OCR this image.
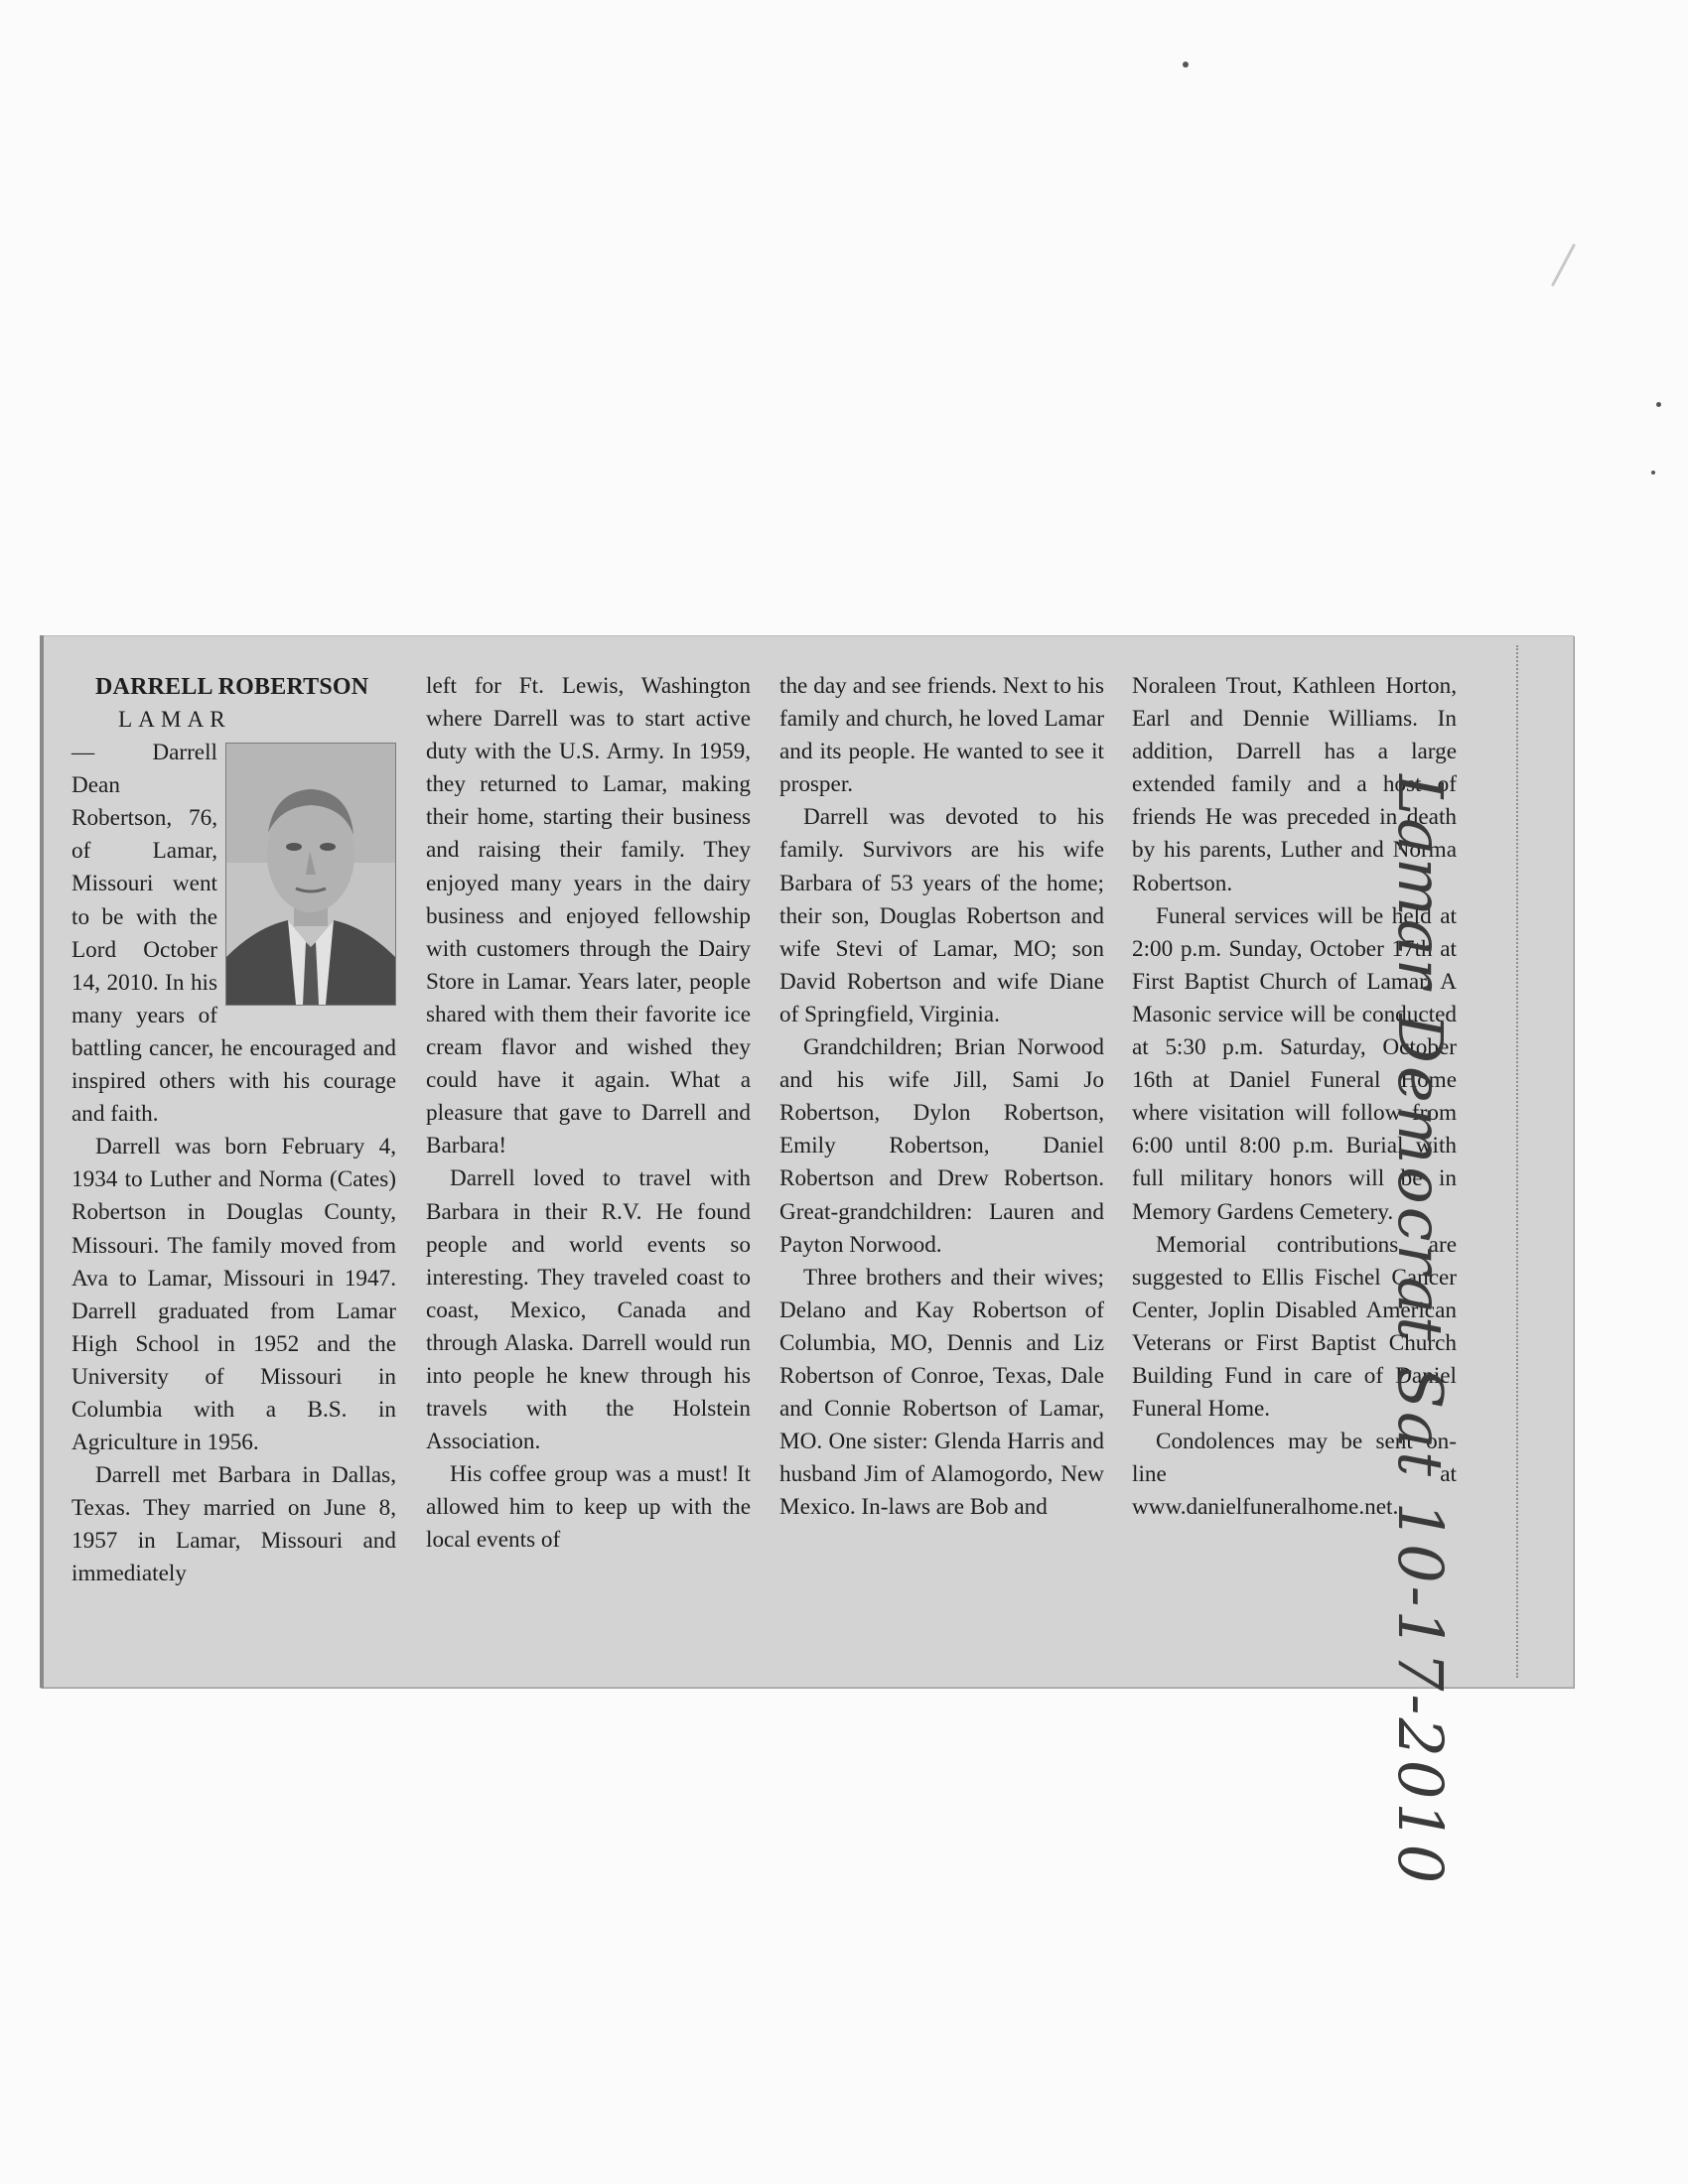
DARRELL ROBERTSON

LAMAR

— Darrell Dean Robertson, 76, of Lamar, Missouri went to be with the Lord October 14, 2010. In his many years of battling cancer, he encouraged and inspired others with his courage and faith.

Darrell was born February 4, 1934 to Luther and Norma (Cates) Robertson in Douglas County, Missouri. The family moved from Ava to Lamar, Missouri in 1947. Darrell graduated from Lamar High School in 1952 and the University of Missouri in Columbia with a B.S. in Agriculture in 1956.

Darrell met Barbara in Dallas, Texas. They married on June 8, 1957 in Lamar, Missouri and immediately

left for Ft. Lewis, Washington where Darrell was to start active duty with the U.S. Army. In 1959, they returned to Lamar, making their home, starting their business and raising their family. They enjoyed many years in the dairy business and enjoyed fellowship with customers through the Dairy Store in Lamar. Years later, people shared with them their favorite ice cream flavor and wished they could have it again. What a pleasure that gave to Darrell and Barbara!

Darrell loved to travel with Barbara in their R.V. He found people and world events so interesting. They traveled coast to coast, Mexico, Canada and through Alaska. Darrell would run into people he knew through his travels with the Holstein Association.

His coffee group was a must! It allowed him to keep up with the local events of

the day and see friends. Next to his family and church, he loved Lamar and its people. He wanted to see it prosper.

Darrell was devoted to his family. Survivors are his wife Barbara of 53 years of the home; their son, Douglas Robertson and wife Stevi of Lamar, MO; son David Robertson and wife Diane of Springfield, Virginia.

Grandchildren; Brian Norwood and his wife Jill, Sami Jo Robertson, Dylon Robertson, Emily Robertson, Daniel Robertson and Drew Robertson. Great-grandchildren: Lauren and Payton Norwood.

Three brothers and their wives; Delano and Kay Robertson of Columbia, MO, Dennis and Liz Robertson of Conroe, Texas, Dale and Connie Robertson of Lamar, MO. One sister: Glenda Harris and husband Jim of Alamogordo, New Mexico. In-laws are Bob and

Noraleen Trout, Kathleen Horton, Earl and Dennie Williams. In addition, Darrell has a large extended family and a host of friends He was preceded in death by his parents, Luther and Norma Robertson.

Funeral services will be held at 2:00 p.m. Sunday, October 17th at First Baptist Church of Lamar. A Masonic service will be conducted at 5:30 p.m. Saturday, October 16th at Daniel Funeral Home where visitation will follow from 6:00 until 8:00 p.m. Burial with full military honors will be in Memory Gardens Cemetery.

Memorial contributions are suggested to Ellis Fischel Cancer Center, Joplin Disabled American Veterans or First Baptist Church Building Fund in care of Daniel Funeral Home.

Condolences may be sent on-line at www.danielfuneralhome.net.

Lamar Democrat Sat 10-17-2010
